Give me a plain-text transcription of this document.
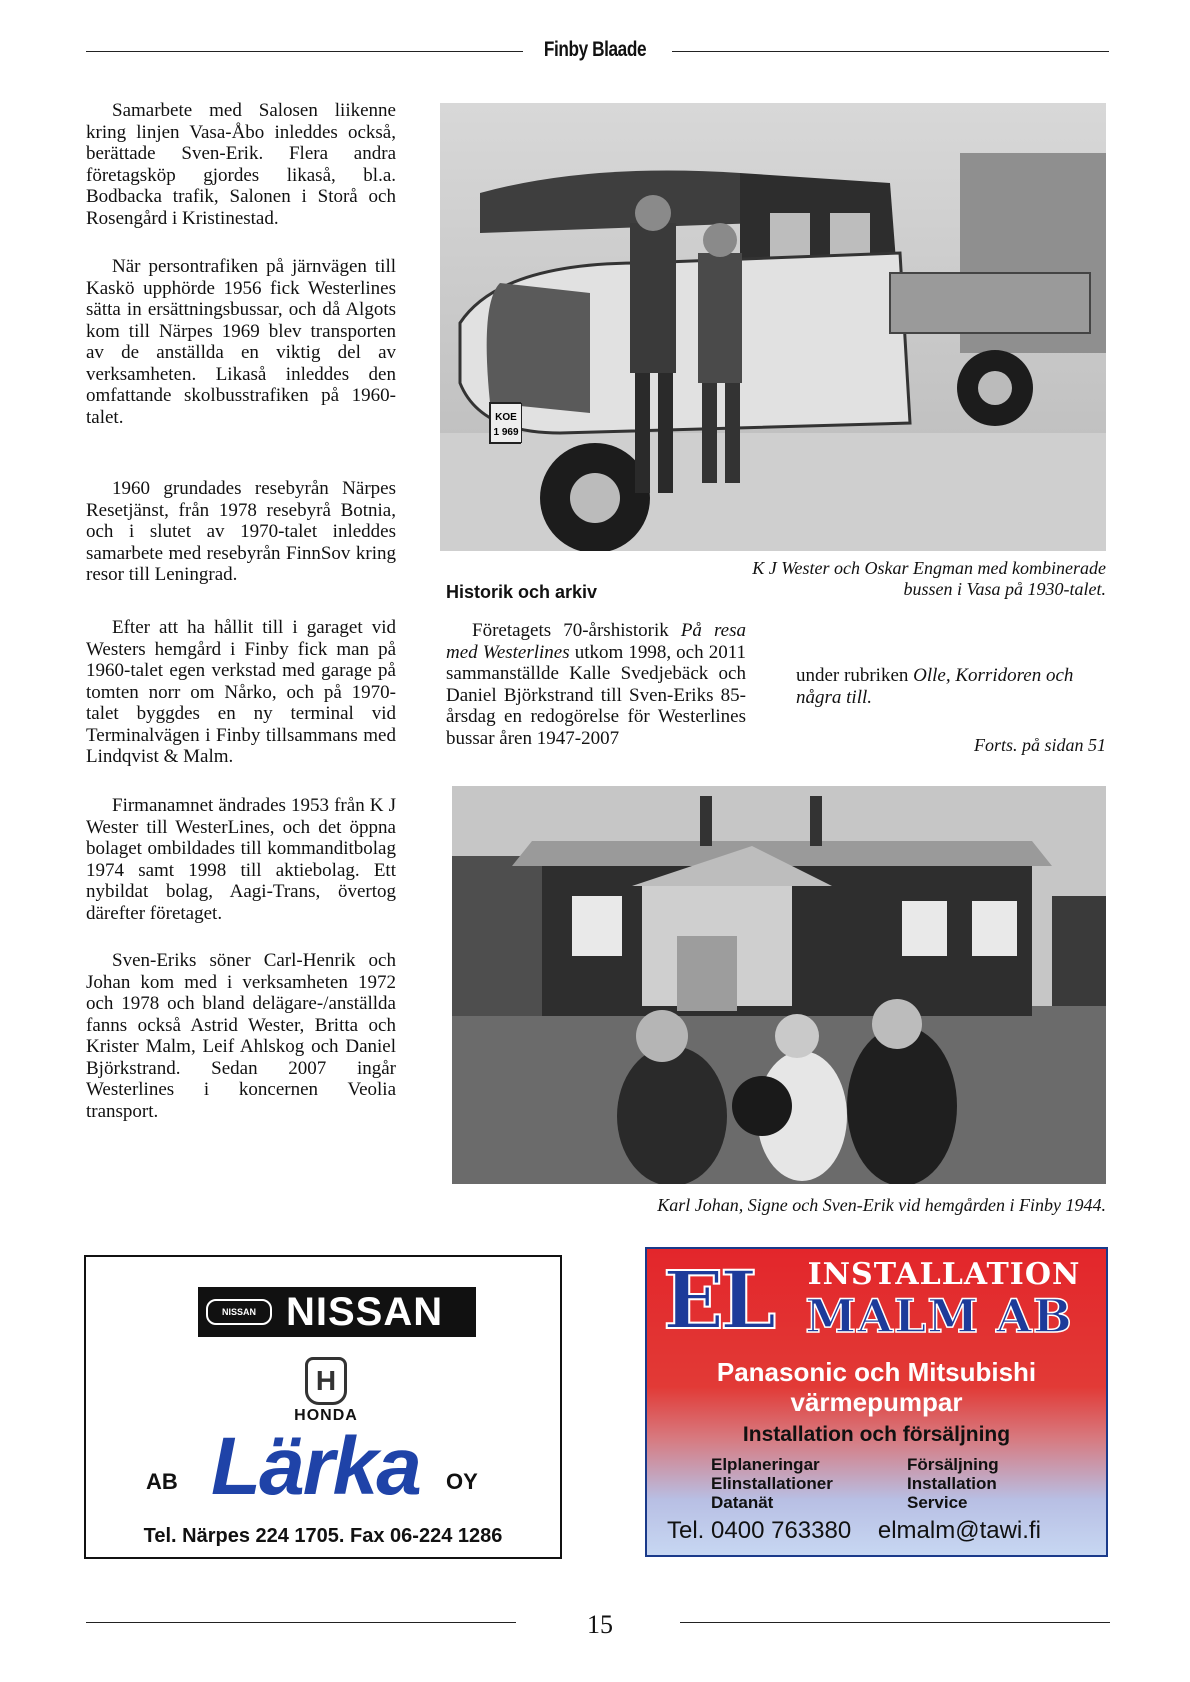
Finby Blaade

Samarbete med Salosen liikenne kring linjen Vasa-Åbo inleddes också, berättade Sven-Erik. Flera andra företagsköp gjordes likaså, bl.a. Bodbacka trafik, Salonen i Storå och Rosengård i Kristinestad.

När persontrafiken på järnvägen till Kaskö upphörde 1956 fick Westerlines sätta in ersättningsbussar, och då Algots kom till Närpes 1969 blev transporten av de anställda en viktig del av verksamheten. Likaså inleddes den omfattande skolbusstrafiken på 1960-talet.

1960 grundades resebyrån Närpes Resetjänst, från 1978 resebyrå Botnia, och i slutet av 1970-talet inleddes samarbete med resebyrån FinnSov kring resor till Leningrad.

Efter att ha hållit till i garaget vid Westers hemgård i Finby fick man på 1960-talet egen verkstad med garage på tomten norr om Nårko, och på 1970-talet byggdes en ny terminal vid Terminalvägen i Finby tillsammans med Lindqvist & Malm.

Firmanamnet ändrades 1953 från K J Wester till WesterLines, och det öppna bolaget ombildades till kommanditbolag 1974 samt 1998 till aktiebolag. Ett nybildat bolag, Aagi-Trans, övertog därefter företaget.

Sven-Eriks söner Carl-Henrik och Johan kom med i verksamheten 1972 och 1978 och bland delägare-/anställda fanns också Astrid Wester, Britta och Krister Malm, Leif Ahlskog och Daniel Björkstrand. Sedan 2007 ingår Westerlines i koncernen Veolia transport.

K J Wester och Oskar Engman med kombinerade bussen i Vasa på 1930-talet.
Historik och arkiv

Företagets 70-årshistorik På resa med Westerlines utkom 1998, och 2011 sammanställde Kalle Svedjebäck och Daniel Björkstrand till Sven-Eriks 85-årsdag en redogörelse för Westerlines bussar åren 1947-2007

under rubriken Olle, Korridoren och några till.
Forts. på sidan 51
Karl Johan, Signe och Sven-Erik vid hemgården i Finby 1944.
NISSAN NISSAN
H
HONDA
AB Lärka OY
Tel. Närpes 224 1705. Fax 06-224 1286
EL	INSTALLATION
MALM AB
Panasonic och Mitsubishi
värmepumpar
Installation och försäljning
Elplaneringar
Elinstallationer
Datanät
Försäljning
Installation
Service
Tel. 0400 763380 elmalm@tawi.fi
15
KOE
1 969
